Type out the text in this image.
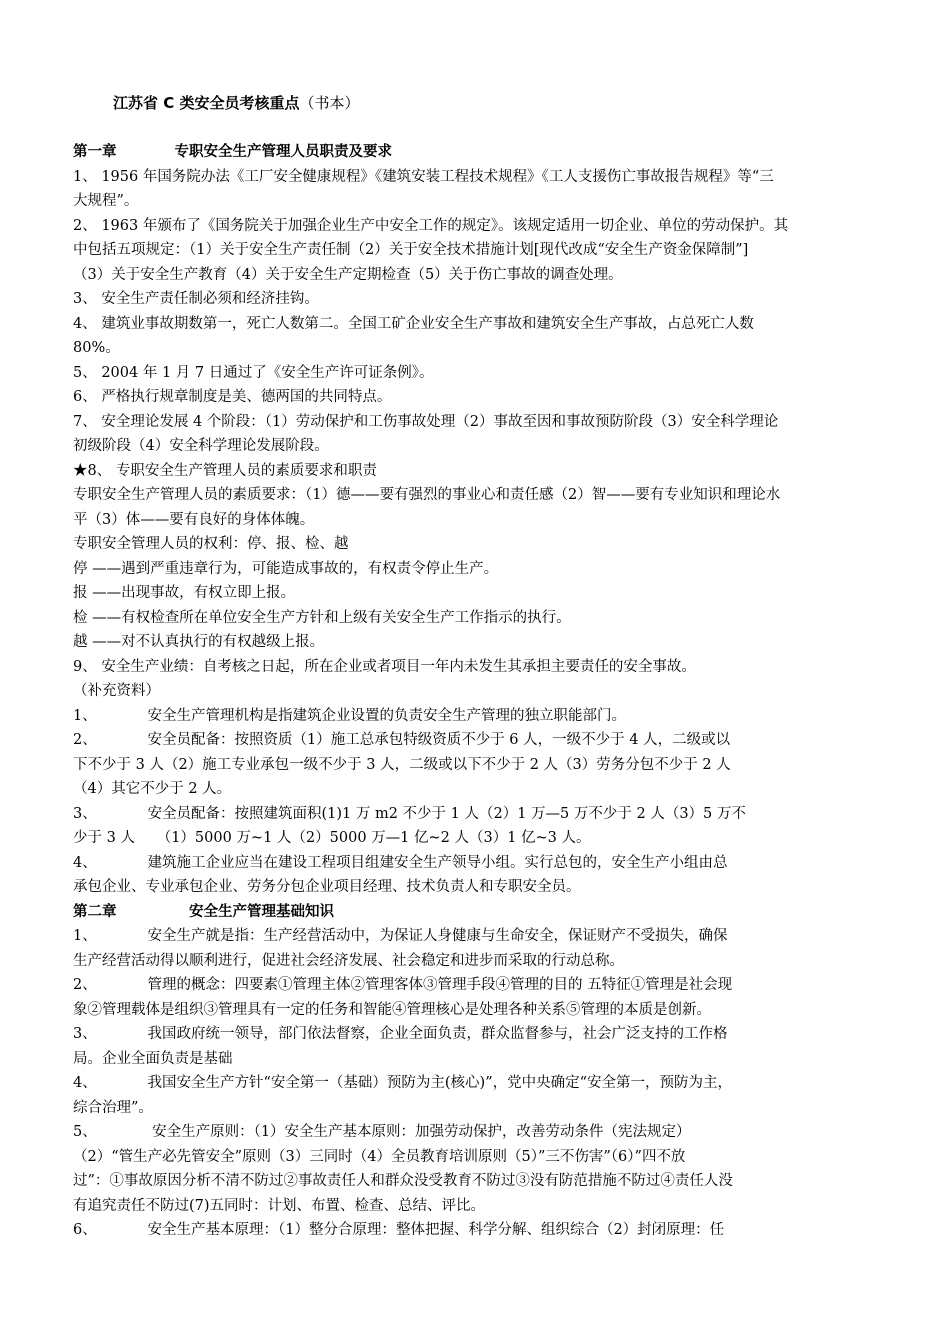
江苏省 C 类安全员考核重点（书本）
第一章　　　　专职安全生产管理人员职责及要求
1、 1956 年国务院办法《工厂安全健康规程》《建筑安装工程技术规程》《工人支援伤亡事故报告规程》等“三
大规程”。
2、 1963 年颁布了《国务院关于加强企业生产中安全工作的规定》。该规定适用一切企业、单位的劳动保护。其
中包括五项规定：（1）关于安全生产责任制（2）关于安全技术措施计划[现代改成“安全生产资金保障制”]
（3）关于安全生产教育（4）关于安全生产定期检查（5）关于伤亡事故的调查处理。
3、 安全生产责任制必须和经济挂钩。
4、 建筑业事故期数第一，死亡人数第二。全国工矿企业安全生产事故和建筑安全生产事故，占总死亡人数
80%。
5、 2004 年 1 月 7 日通过了《安全生产许可证条例》。
6、 严格执行规章制度是美、德两国的共同特点。
7、 安全理论发展 4 个阶段：（1）劳动保护和工伤事故处理（2）事故至因和事故预防阶段（3）安全科学理论
初级阶段（4）安全科学理论发展阶段。
★8、 专职安全生产管理人员的素质要求和职责
专职安全生产管理人员的素质要求：（1）德——要有强烈的事业心和责任感（2）智——要有专业知识和理论水
平（3）体——要有良好的身体体魄。
专职安全管理人员的权利：停、报、检、越
停 ——遇到严重违章行为，可能造成事故的，有权责令停止生产。
报 ——出现事故，有权立即上报。
检 ——有权检查所在单位安全生产方针和上级有关安全生产工作指示的执行。
越 ——对不认真执行的有权越级上报。
9、 安全生产业绩：自考核之日起，所在企业或者项目一年内未发生其承担主要责任的安全事故。
（补充资料）
1、　　　　安全生产管理机构是指建筑企业设置的负责安全生产管理的独立职能部门。
2、　　　　安全员配备：按照资质（1）施工总承包特级资质不少于 6 人，一级不少于 4 人，二级或以
下不少于 3 人（2）施工专业承包一级不少于 3 人，二级或以下不少于 2 人（3）劳务分包不少于 2 人
（4）其它不少于 2 人。
3、　　　　安全员配备：按照建筑面积(1)1 万 m2 不少于 1 人（2）1 万—5 万不少于 2 人（3）5 万不
少于 3 人　　（1）5000 万~1 人（2）5000 万—1 亿~2 人（3）1 亿~3 人。
4、　　　　建筑施工企业应当在建设工程项目组建安全生产领导小组。实行总包的，安全生产小组由总
承包企业、专业承包企业、劳务分包企业项目经理、技术负责人和专职安全员。
第二章　　　　　安全生产管理基础知识
1、　　　　安全生产就是指：生产经营活动中，为保证人身健康与生命安全，保证财产不受损失，确保
生产经营活动得以顺利进行，促进社会经济发展、社会稳定和进步而采取的行动总称。
2、　　　　管理的概念：四要素①管理主体②管理客体③管理手段④管理的目的 五特征①管理是社会现
象②管理载体是组织③管理具有一定的任务和智能④管理核心是处理各种关系⑤管理的本质是创新。
3、　　　　我国政府统一领导，部门依法督察，企业全面负责，群众监督参与，社会广泛支持的工作格
局。企业全面负责是基础
4、　　　　我国安全生产方针“安全第一（基础）预防为主(核心)”，党中央确定“安全第一，预防为主，
综合治理”。
5、　　　　 安全生产原则：（1）安全生产基本原则：加强劳动保护，改善劳动条件（宪法规定）
（2）“管生产必先管安全”原则（3）三同时（4）全员教育培训原则（5）”三不伤害”（6）”四不放
过”：①事故原因分析不清不防过②事故责任人和群众没受教育不防过③没有防范措施不防过④责任人没
有追究责任不防过(7)五同时：计划、布置、检查、总结、评比。
6、　　　　安全生产基本原理：（1）整分合原理：整体把握、科学分解、组织综合（2）封闭原理：任
